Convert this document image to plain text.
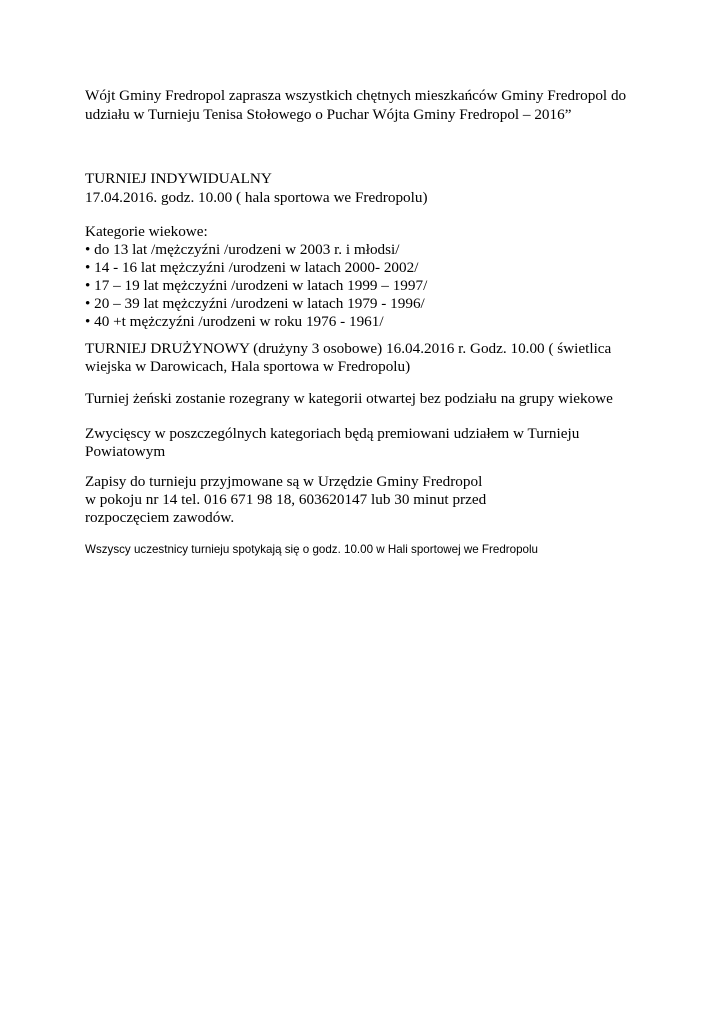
Wójt Gminy Fredropol zaprasza wszystkich chętnych mieszkańców Gminy Fredropol do
udziału w Turnieju Tenisa Stołowego o Puchar Wójta Gminy Fredropol – 2016”
TURNIEJ INDYWIDUALNY
17.04.2016. godz. 10.00 ( hala sportowa we Fredropolu)
Kategorie wiekowe:
• do 13 lat /mężczyźni /urodzeni w 2003 r. i młodsi/
• 14 - 16 lat mężczyźni /urodzeni w latach 2000- 2002/
• 17 – 19 lat mężczyźni /urodzeni w latach 1999 – 1997/
• 20 – 39 lat mężczyźni /urodzeni w latach 1979 - 1996/
• 40 +t mężczyźni /urodzeni w roku 1976 - 1961/
TURNIEJ DRUŻYNOWY (drużyny 3 osobowe) 16.04.2016 r. Godz. 10.00 ( świetlica
wiejska w Darowicach, Hala sportowa w Fredropolu)
Turniej żeński zostanie rozegrany w kategorii otwartej bez podziału na grupy wiekowe
Zwycięscy w poszczególnych kategoriach będą premiowani udziałem w Turnieju
Powiatowym
Zapisy do turnieju przyjmowane są w Urzędzie Gminy Fredropol
w pokoju nr 14 tel. 016 671 98 18, 603620147 lub 30 minut przed
rozpoczęciem zawodów.
Wszyscy uczestnicy turnieju spotykają się o godz. 10.00 w Hali sportowej we Fredropolu
